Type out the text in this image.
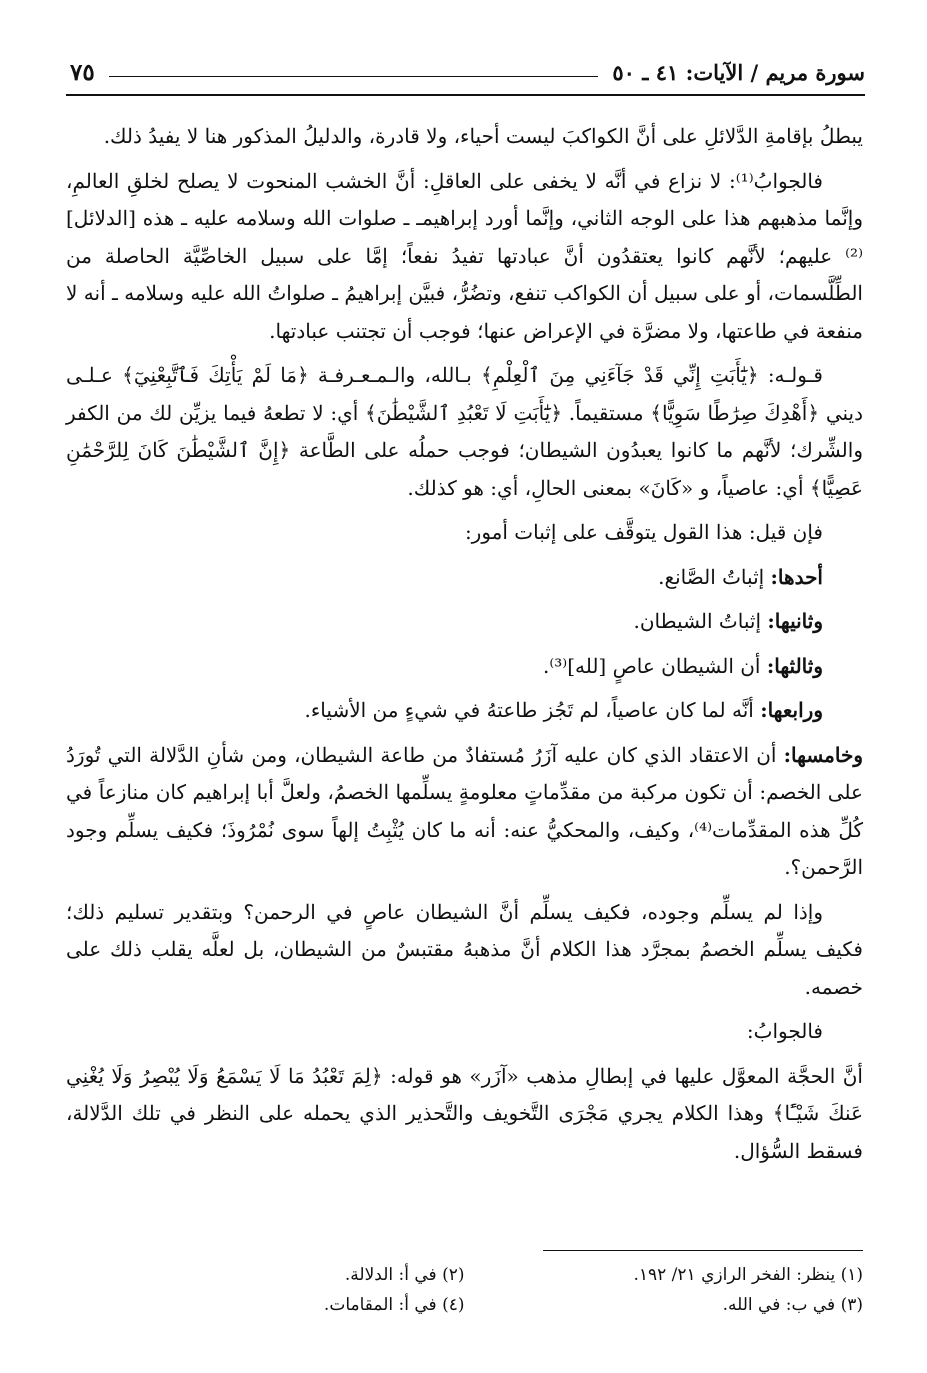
سورة مريم / الآيات: ٤١ ـ ٥٠
٧٥

يبطلُ بإقامةِ الدَّلائلِ على أنَّ الكواكبَ ليست أحياء، ولا قادرة، والدليلُ المذكور هنا لا يفيدُ ذلك.

فالجوابُ⁽¹⁾: لا نزاع في أنَّه لا يخفى على العاقلِ: أنَّ الخشب المنحوت لا يصلح لخلقِ العالمِ، وإنَّما مذهبهم هذا على الوجه الثاني، وإنَّما أورد إبراهيمـ ـ صلوات الله وسلامه عليه ـ هذه [الدلائل]⁽²⁾ عليهم؛ لأنَّهم كانوا يعتقدُون أنَّ عبادتها تفيدُ نفعاً؛ إمَّا على سبيل الخاصِّيَّة الحاصلة من الطِّلَّسمات، أو على سبيل أن الكواكب تنفع، وتضُرُّ، فبيَّن إبراهيمُ ـ صلواتُ الله عليه وسلامه ـ أنه لا منفعة في طاعتها، ولا مضرَّة في الإعراض عنها؛ فوجب أن تجتنب عبادتها.

قـولـه: ﴿يَٰٓأَبَتِ إِنِّي قَدْ جَآءَنِي مِنَ ٱلْعِلْمِ﴾ بـالله، والـمـعـرفـة ﴿مَا لَمْ يَأْتِكَ فَٱتَّبِعْنِيٓ﴾ عـلـى ديني ﴿أَهْدِكَ صِرَٰطًا سَوِيًّا﴾ مستقيماً. ﴿يَٰٓأَبَتِ لَا تَعْبُدِ ٱلشَّيْطَٰنَ﴾ أي: لا تطعهُ فيما يزيِّن لك من الكفر والشِّرك؛ لأنَّهم ما كانوا يعبدُون الشيطان؛ فوجب حملُه على الطَّاعة ﴿إِنَّ ٱلشَّيْطَٰنَ كَانَ لِلرَّحْمَٰنِ عَصِيًّا﴾ أي: عاصياً، و «كَانَ» بمعنى الحالِ، أي: هو كذلك.

فإن قيل: هذا القول يتوقَّف على إثبات أمور:

أحدها: إثباتُ الصَّانع.

وثانيها: إثباتُ الشيطان.

وثالثها: أن الشيطان عاصٍ [لله]⁽³⁾.

ورابعها: أنَّه لما كان عاصياً، لم تَجُز طاعتهُ في شيءٍ من الأشياء.

وخامسها: أن الاعتقاد الذي كان عليه آزَرُ مُستفادٌ من طاعة الشيطان، ومن شأنِ الدَّلالة التي تُورَدُ على الخصم: أن تكون مركبة من مقدِّماتٍ معلومةٍ يسلِّمها الخصمُ، ولعلَّ أبا إبراهيم كان منازعاً في كُلِّ هذه المقدِّمات⁽⁴⁾، وكيف، والمحكيُّ عنه: أنه ما كان يُثْبِتُ إلهاً سوى نُمْرُوذَ؛ فكيف يسلِّم وجود الرَّحمن؟.

وإذا لم يسلِّم وجوده، فكيف يسلِّم أنَّ الشيطان عاصٍ في الرحمن؟ وبتقدير تسليم ذلك؛ فكيف يسلِّم الخصمُ بمجرَّد هذا الكلام أنَّ مذهبهُ مقتبسٌ من الشيطان، بل لعلَّه يقلب ذلك على خصمه.

فالجوابُ:

أنَّ الحجَّة المعوَّل عليها في إبطالِ مذهب «آزَر» هو قوله: ﴿لِمَ تَعْبُدُ مَا لَا يَسْمَعُ وَلَا يُبْصِرُ وَلَا يُغْنِي عَنكَ شَيْـًٔا﴾ وهذا الكلام يجري مَجْرَى التَّخويف والتَّحذير الذي يحمله على النظر في تلك الدَّلالة، فسقط السُّؤال.

(١) ينظر: الفخر الرازي ٢١/ ١٩٢.
(٢) في أ: الدلالة.
(٣) في ب: في الله.
(٤) في أ: المقامات.
